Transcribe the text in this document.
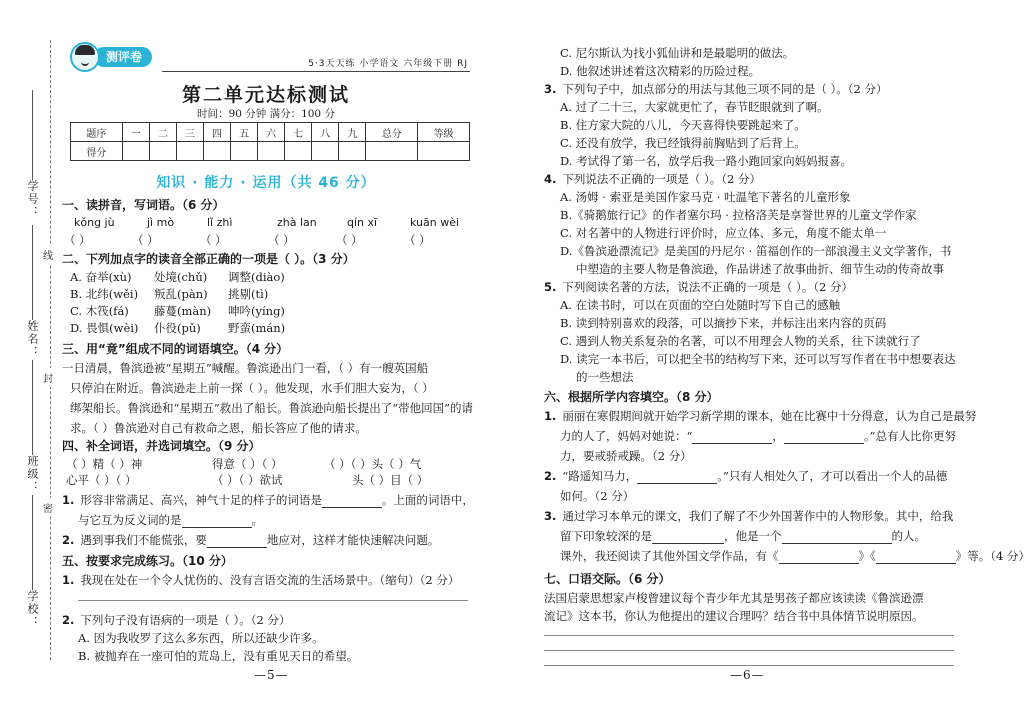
学号：
姓名：
班级：
学校：
线
封
密
测评卷	5·3天天练 小学语文 六年级下册 RJ
第二单元达标测试
时间：90 分钟 满分：100 分
题序	一	二	三	四	五	六	七	八	九	总分	等级
得分											
知识 · 能力 · 运用（共 46 分）
一、读拼音，写词语。（6 分）
kǒng jù	jì mò	lǐ zhì	zhà lan	qín xī	kuān wèi
（ ）	（ ）	（ ）	（ ）	（ ）	（ ）
二、下列加点字的读音全部正确的一项是（ ）。（3 分）
A. 奋举(xù) 处境(chǔ) 调整(diào)
B. 北纬(wěi) 叛乱(pàn) 挑剔(tì)
C. 木筏(fá) 藤蔓(màn) 呻吟(yíng)
D. 畏惧(wèi) 仆役(pǔ) 野蛮(mán)
三、用“竟”组成不同的词语填空。（4 分）
一日清晨，鲁滨逊被“星期五”喊醒。鲁滨逊出门一看，（ ）有一艘英国船
只停泊在附近。鲁滨逊走上前一探（ ）。他发现，水手们胆大妄为，（ ）
绑架船长。鲁滨逊和“星期五”救出了船长。鲁滨逊向船长提出了“带他回国”的请
求。（ ）鲁滨逊对自己有救命之恩，船长答应了他的请求。
四、补全词语，并选词填空。（9 分）
（ ）精（ ）神	得意（ ）（ ）	（ ）（ ）头（ ）气
心平（ ）（ ）	（ ）（ ）欲试	头（ ）目（ ）
1. 形容非常满足、高兴，神气十足的样子的词语是	。上面的词语中，
与它互为反义词的是	。
2. 遇到事我们不能慌张，要	地应对，这样才能快速解决问题。
五、按要求完成练习。（10 分）
1. 我现在处在一个令人忧伤的、没有言语交流的生活场景中。（缩句）（2 分）
2. 下列句子没有语病的一项是（ ）。（2 分）
A. 因为我收罗了这么多东西，所以还缺少许多。
B. 被抛弃在一座可怕的荒岛上，没有重见天日的希望。
—5—
C. 尼尔斯认为找小狐仙讲和是最聪明的做法。
D. 他叙述讲述着这次精彩的历险过程。
3. 下列句子中，加点部分的用法与其他三项不同的是（ ）。（2 分）
A. 过了二十三，大家就更忙了，春节眨眼就到了啊。
B. 住方家大院的八儿，今天喜得快要跳起来了。
C. 还没有放学，我已经饿得前胸贴到了后背上。
D. 考试得了第一名，放学后我一路小跑回家向妈妈报喜。
4. 下列说法不正确的一项是（ ）。（2 分）
A. 汤姆 · 索亚是美国作家马克 · 吐温笔下著名的儿童形象
B.《骑鹅旅行记》的作者塞尔玛 · 拉格洛芙是享誉世界的儿童文学作家
C. 对名著中的人物进行评价时，应立体、多元，角度不能太单一
D.《鲁滨逊漂流记》是美国的丹尼尔 · 笛福创作的一部浪漫主义文学著作，书
中塑造的主要人物是鲁滨逊，作品讲述了故事曲折、细节生动的传奇故事
5. 下列阅读名著的方法，说法不正确的一项是（ ）。（2 分）
A. 在读书时，可以在页面的空白处随时写下自己的感触
B. 读到特别喜欢的段落，可以摘抄下来，并标注出来内容的页码
C. 遇到人物关系复杂的名著，可以不用理会人物的关系，往下读就行了
D. 读完一本书后，可以把全书的结构写下来，还可以写写作者在书中想要表达
的一些想法
六、根据所学内容填空。（8 分）
1. 丽丽在寒假期间就开始学习新学期的课本，她在比赛中十分得意，认为自己是最努
力的人了，妈妈对她说：“	，	。”总有人比你更努
力，要戒骄戒躁。（2 分）
2. “路遥知马力，	。”只有人相处久了，才可以看出一个人的品德
如何。（2 分）
3. 通过学习本单元的课文，我们了解了不少外国著作中的人物形象。其中，给我
留下印象较深的是	，他是一个	的人。
课外，我还阅读了其他外国文学作品，有《	》《	》等。（4 分）
七、口语交际。（6 分）
法国启蒙思想家卢梭曾建议每个青少年尤其是男孩子都应该读读《鲁滨逊漂
流记》这本书，你认为他提出的建议合理吗？结合书中具体情节说明原因。
—6—
